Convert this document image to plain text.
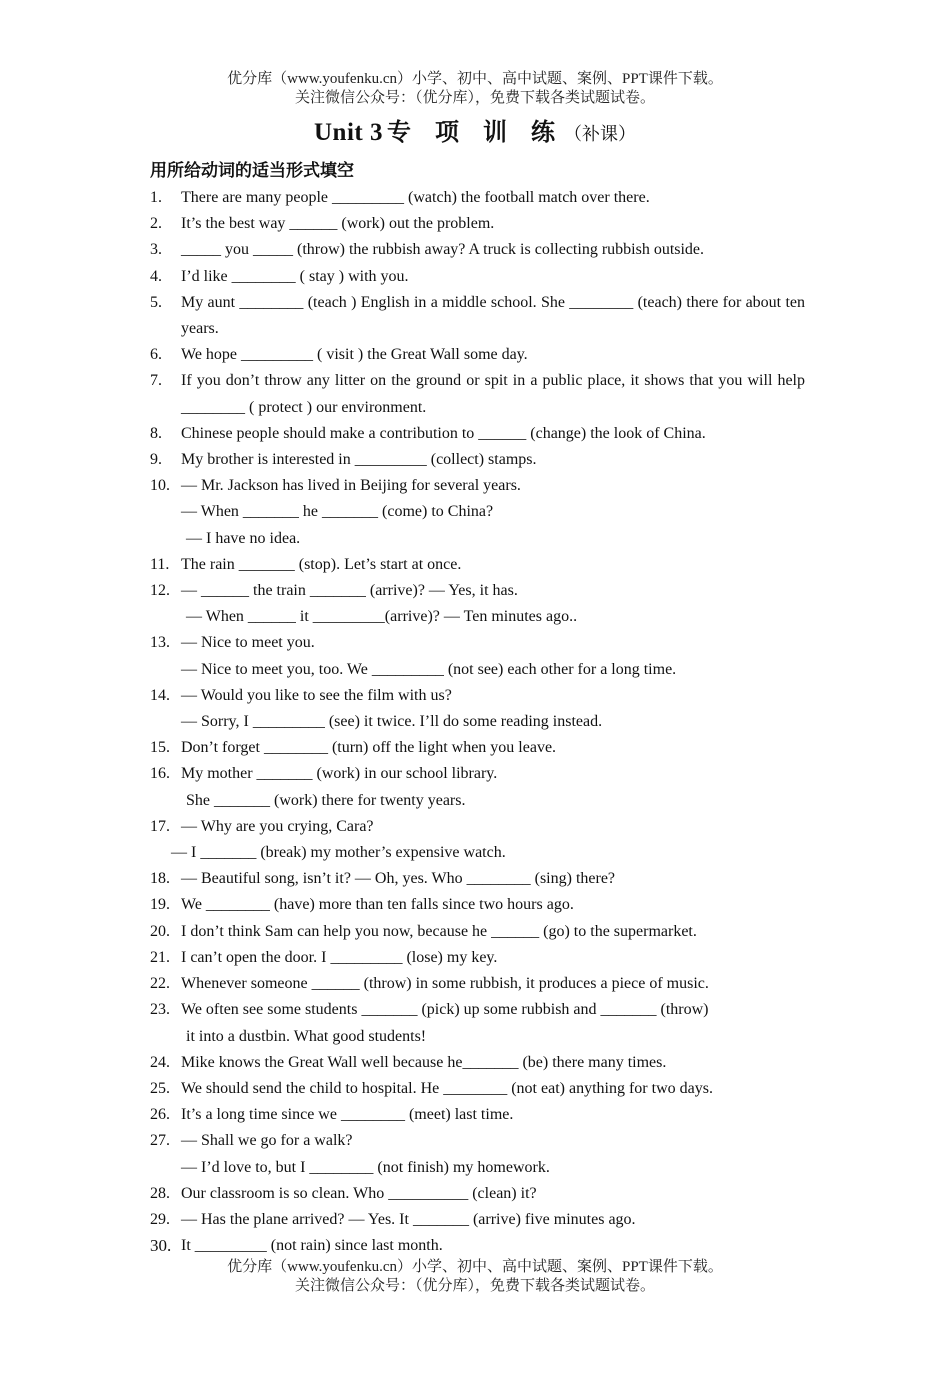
优分库（www.youfenku.cn）小学、初中、高中试题、案例、PPT课件下载。
关注微信公众号：（优分库），免费下载各类试题试卷。
Unit 3 专 项 训 练（补课）
用所给动词的适当形式填空
1. There are many people _________ (watch) the football match over there.
2. It’s the best way ______ (work) out the problem.
3. _____ you _____ (throw) the rubbish away? A truck is collecting rubbish outside.
4. I’d like ________ ( stay ) with you.
5. My aunt ________ (teach ) English in a middle school. She ________ (teach) there for about ten years.
6. We hope _________ ( visit ) the Great Wall some day.
7. If you don’t throw any litter on the ground or spit in a public place, it shows that you will help ________ ( protect ) our environment.
8. Chinese people should make a contribution to ______ (change) the look of China.
9. My brother is interested in _________ (collect) stamps.
10. — Mr. Jackson has lived in Beijing for several years.
— When _______ he _______ (come) to China?
— I have no idea.
11. The rain _______ (stop). Let’s start at once.
12. — ______ the train _______ (arrive)? — Yes, it has.
— When ______ it _________(arrive)? — Ten minutes ago..
13. — Nice to meet you.
— Nice to meet you, too. We _________ (not see) each other for a long time.
14. — Would you like to see the film with us?
— Sorry, I _________ (see) it twice. I’ll do some reading instead.
15. Don’t forget ________ (turn) off the light when you leave.
16. My mother _______ (work) in our school library.
She _______ (work) there for twenty years.
17. — Why are you crying, Cara?
— I _______ (break) my mother’s expensive watch.
18. — Beautiful song, isn’t it? — Oh, yes. Who ________ (sing) there?
19. We ________ (have) more than ten falls since two hours ago.
20. I don’t think Sam can help you now, because he ______ (go) to the supermarket.
21. I can’t open the door. I _________ (lose) my key.
22. Whenever someone ______ (throw) in some rubbish, it produces a piece of music.
23. We often see some students _______ (pick) up some rubbish and _______ (throw)
it into a dustbin. What good students!
24. Mike knows the Great Wall well because he_______ (be) there many times.
25. We should send the child to hospital. He ________ (not eat) anything for two days.
26. It’s a long time since we ________ (meet) last time.
27. — Shall we go for a walk?
— I’d love to, but I ________ (not finish) my homework.
28. Our classroom is so clean. Who __________ (clean) it?
29. — Has the plane arrived? — Yes. It _______ (arrive) five minutes ago.
30. It _________ (not rain) since last month.
优分库（www.youfenku.cn）小学、初中、高中试题、案例、PPT课件下载。
关注微信公众号：（优分库），免费下载各类试题试卷。
